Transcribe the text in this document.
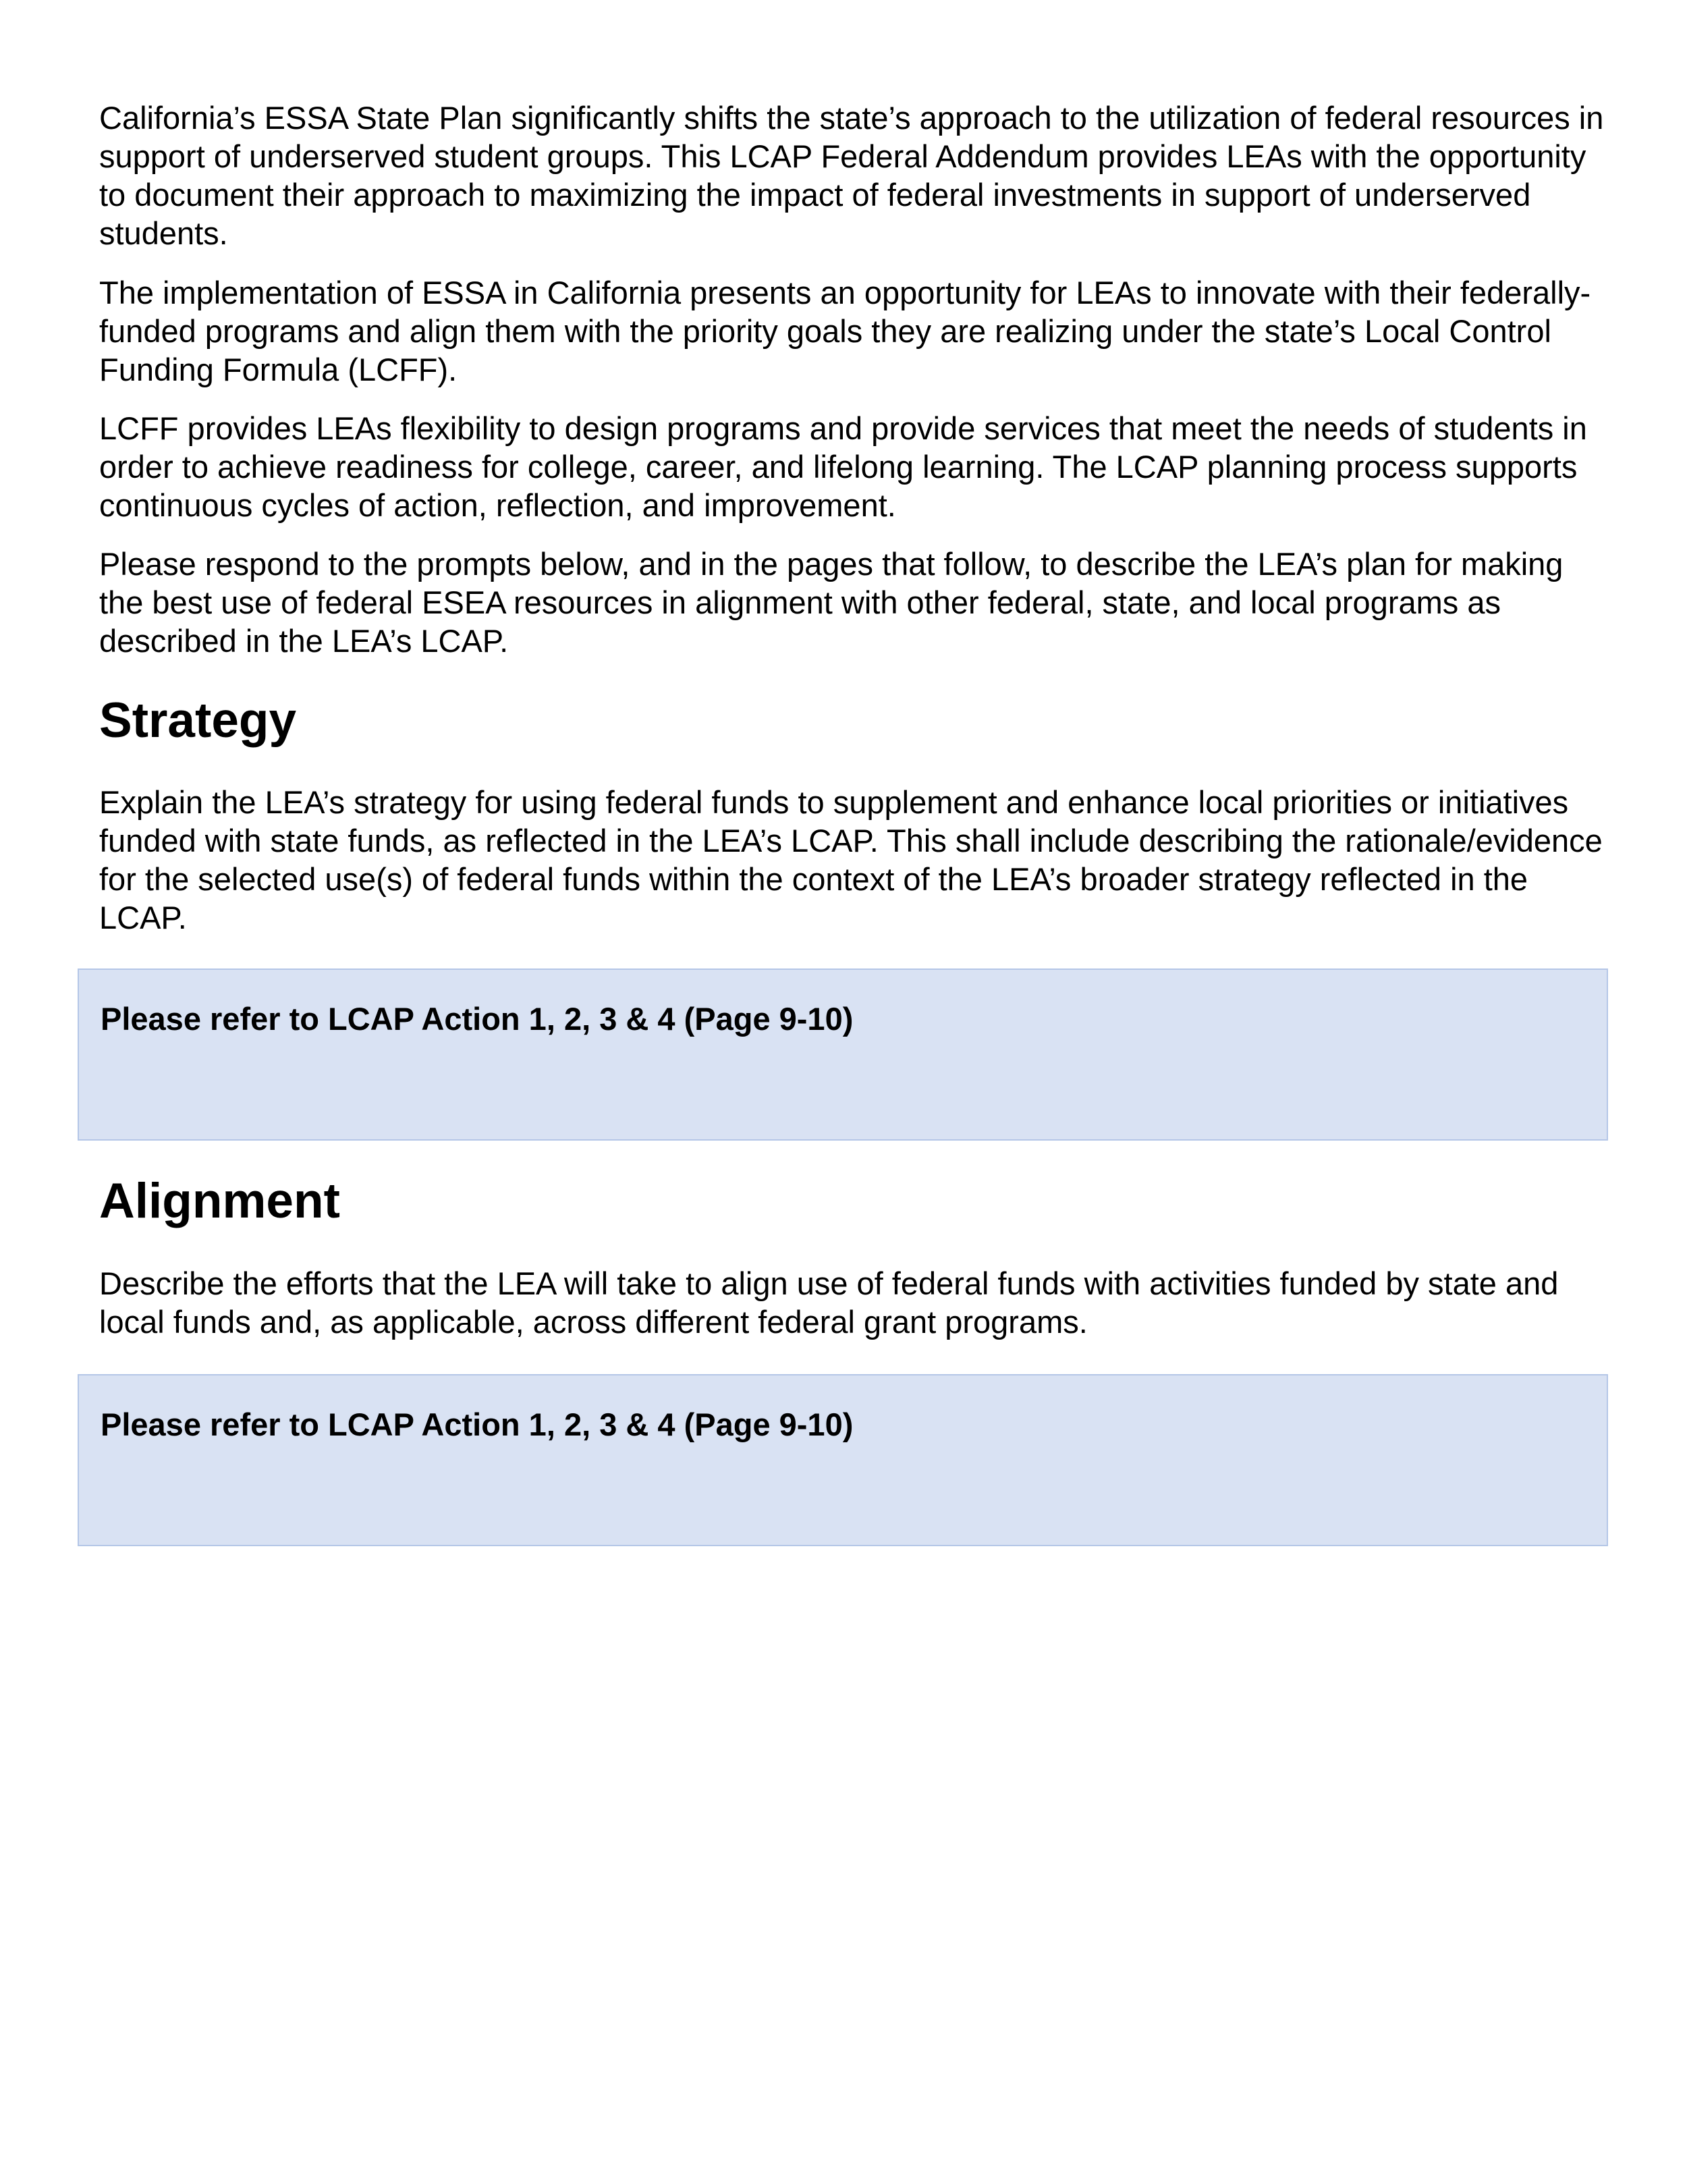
California’s ESSA State Plan significantly shifts the state’s approach to the utilization of federal resources in support of underserved student groups. This LCAP Federal Addendum provides LEAs with the opportunity to document their approach to maximizing the impact of federal investments in support of underserved students.

The implementation of ESSA in California presents an opportunity for LEAs to innovate with their federally-funded programs and align them with the priority goals they are realizing under the state’s Local Control Funding Formula (LCFF).

LCFF provides LEAs flexibility to design programs and provide services that meet the needs of students in order to achieve readiness for college, career, and lifelong learning. The LCAP planning process supports continuous cycles of action, reflection, and improvement.

Please respond to the prompts below, and in the pages that follow, to describe the LEA’s plan for making the best use of federal ESEA resources in alignment with other federal, state, and local programs as described in the LEA’s LCAP.

Strategy

Explain the LEA’s strategy for using federal funds to supplement and enhance local priorities or initiatives funded with state funds, as reflected in the LEA’s LCAP. This shall include describing the rationale/evidence for the selected use(s) of federal funds within the context of the LEA’s broader strategy reflected in the LCAP.

Please refer to LCAP Action 1, 2, 3 & 4 (Page 9-10)

Alignment

Describe the efforts that the LEA will take to align use of federal funds with activities funded by state and local funds and, as applicable, across different federal grant programs.

Please refer to LCAP Action 1, 2, 3 & 4 (Page 9-10)
